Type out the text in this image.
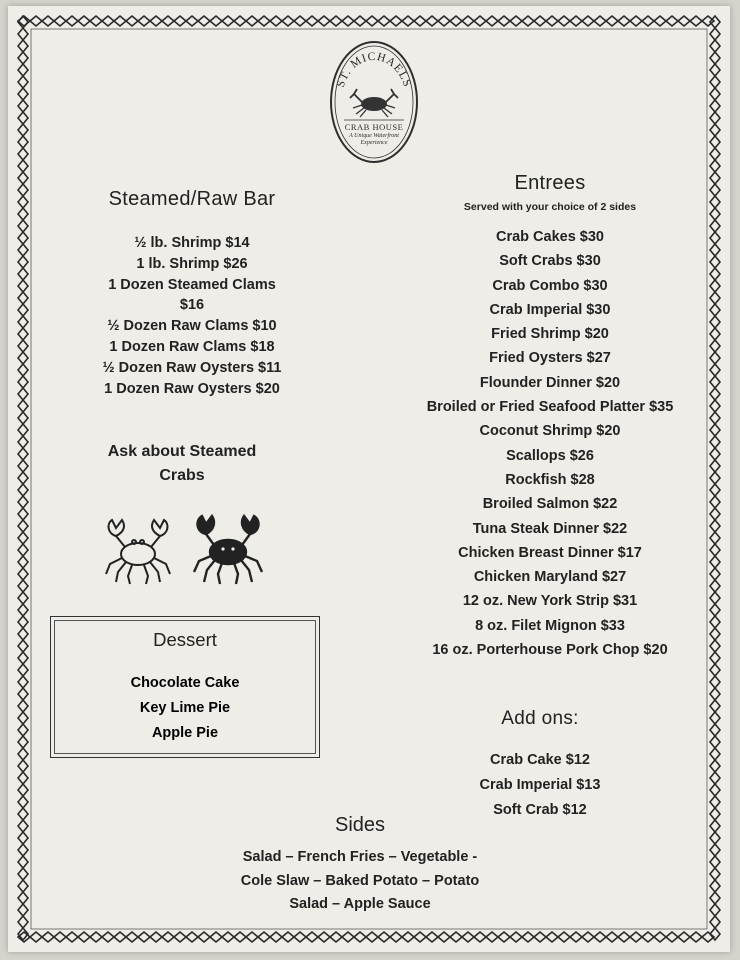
ST. MICHAELS
CRAB HOUSE
A Unique Waterfront
Experience
Steamed/Raw Bar
½ lb. Shrimp $14
1 lb. Shrimp $26
1 Dozen Steamed Clams
$16
½ Dozen Raw Clams $10
1 Dozen Raw Clams $18
½ Dozen Raw Oysters $11
1 Dozen Raw Oysters $20
Ask about Steamed
Crabs
Dessert
Chocolate Cake
Key Lime Pie
Apple Pie
Entrees
Served with your choice of 2 sides
Crab Cakes $30
Soft Crabs $30
Crab Combo $30
Crab Imperial $30
Fried Shrimp $20
Fried Oysters $27
Flounder Dinner $20
Broiled or Fried Seafood Platter $35
Coconut Shrimp $20
Scallops $26
Rockfish $28
Broiled Salmon $22
Tuna Steak Dinner $22
Chicken Breast Dinner $17
Chicken Maryland $27
12 oz. New York Strip $31
8 oz. Filet Mignon $33
16 oz. Porterhouse Pork Chop $20
Add ons:
Crab Cake $12
Crab Imperial $13
Soft Crab $12
Sides
Salad – French Fries – Vegetable -
Cole Slaw – Baked Potato – Potato
Salad – Apple Sauce
